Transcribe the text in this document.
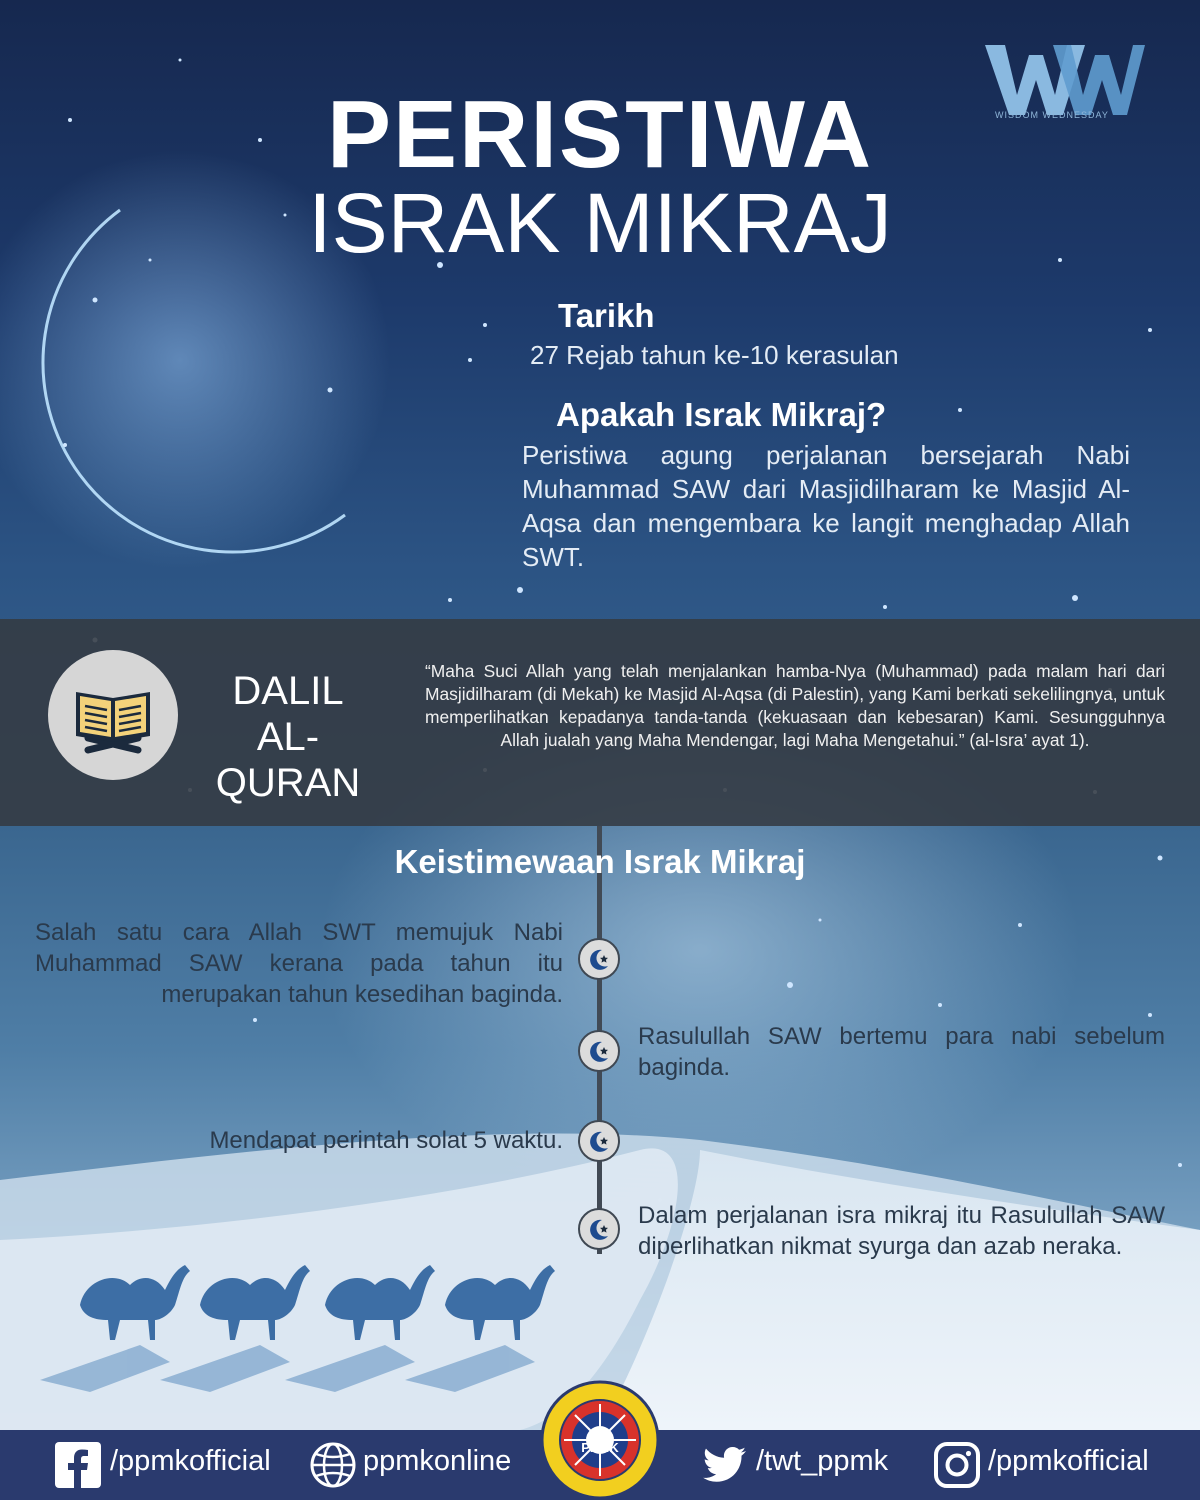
WISDOM WEDNESDAY
PERISTIWA
ISRAK MIKRAJ
Tarikh
27 Rejab tahun ke-10 kerasulan
Apakah Israk Mikraj?
Peristiwa agung perjalanan bersejarah Nabi Muhammad SAW dari Masjidilharam ke Masjid Al-Aqsa dan mengembara ke langit menghadap Allah SWT.
DALIL
AL-QURAN
“Maha Suci Allah yang telah menjalankan hamba-Nya (Muhammad) pada malam hari dari Masjidilharam (di Mekah) ke Masjid Al-Aqsa (di Palestin), yang Kami berkati sekelilingnya, untuk memperlihatkan kepadanya tanda-tanda (kekuasaan dan kebesaran) Kami. Sesungguhnya Allah jualah yang Maha Mendengar, lagi Maha Mengetahui.” (al-Isra’ ayat 1).
Keistimewaan Israk Mikraj
Salah satu cara Allah SWT memujuk Nabi Muhammad SAW kerana pada tahun itu merupakan tahun kesedihan baginda.
Rasulullah SAW bertemu para nabi sebelum baginda.
Mendapat perintah solat 5 waktu.
Dalam perjalanan isra mikraj itu Rasulullah SAW diperlihatkan nikmat syurga dan azab neraka.
/ppmkofficial	ppmkonline	PPMK	/twt_ppmk	/ppmkofficial
